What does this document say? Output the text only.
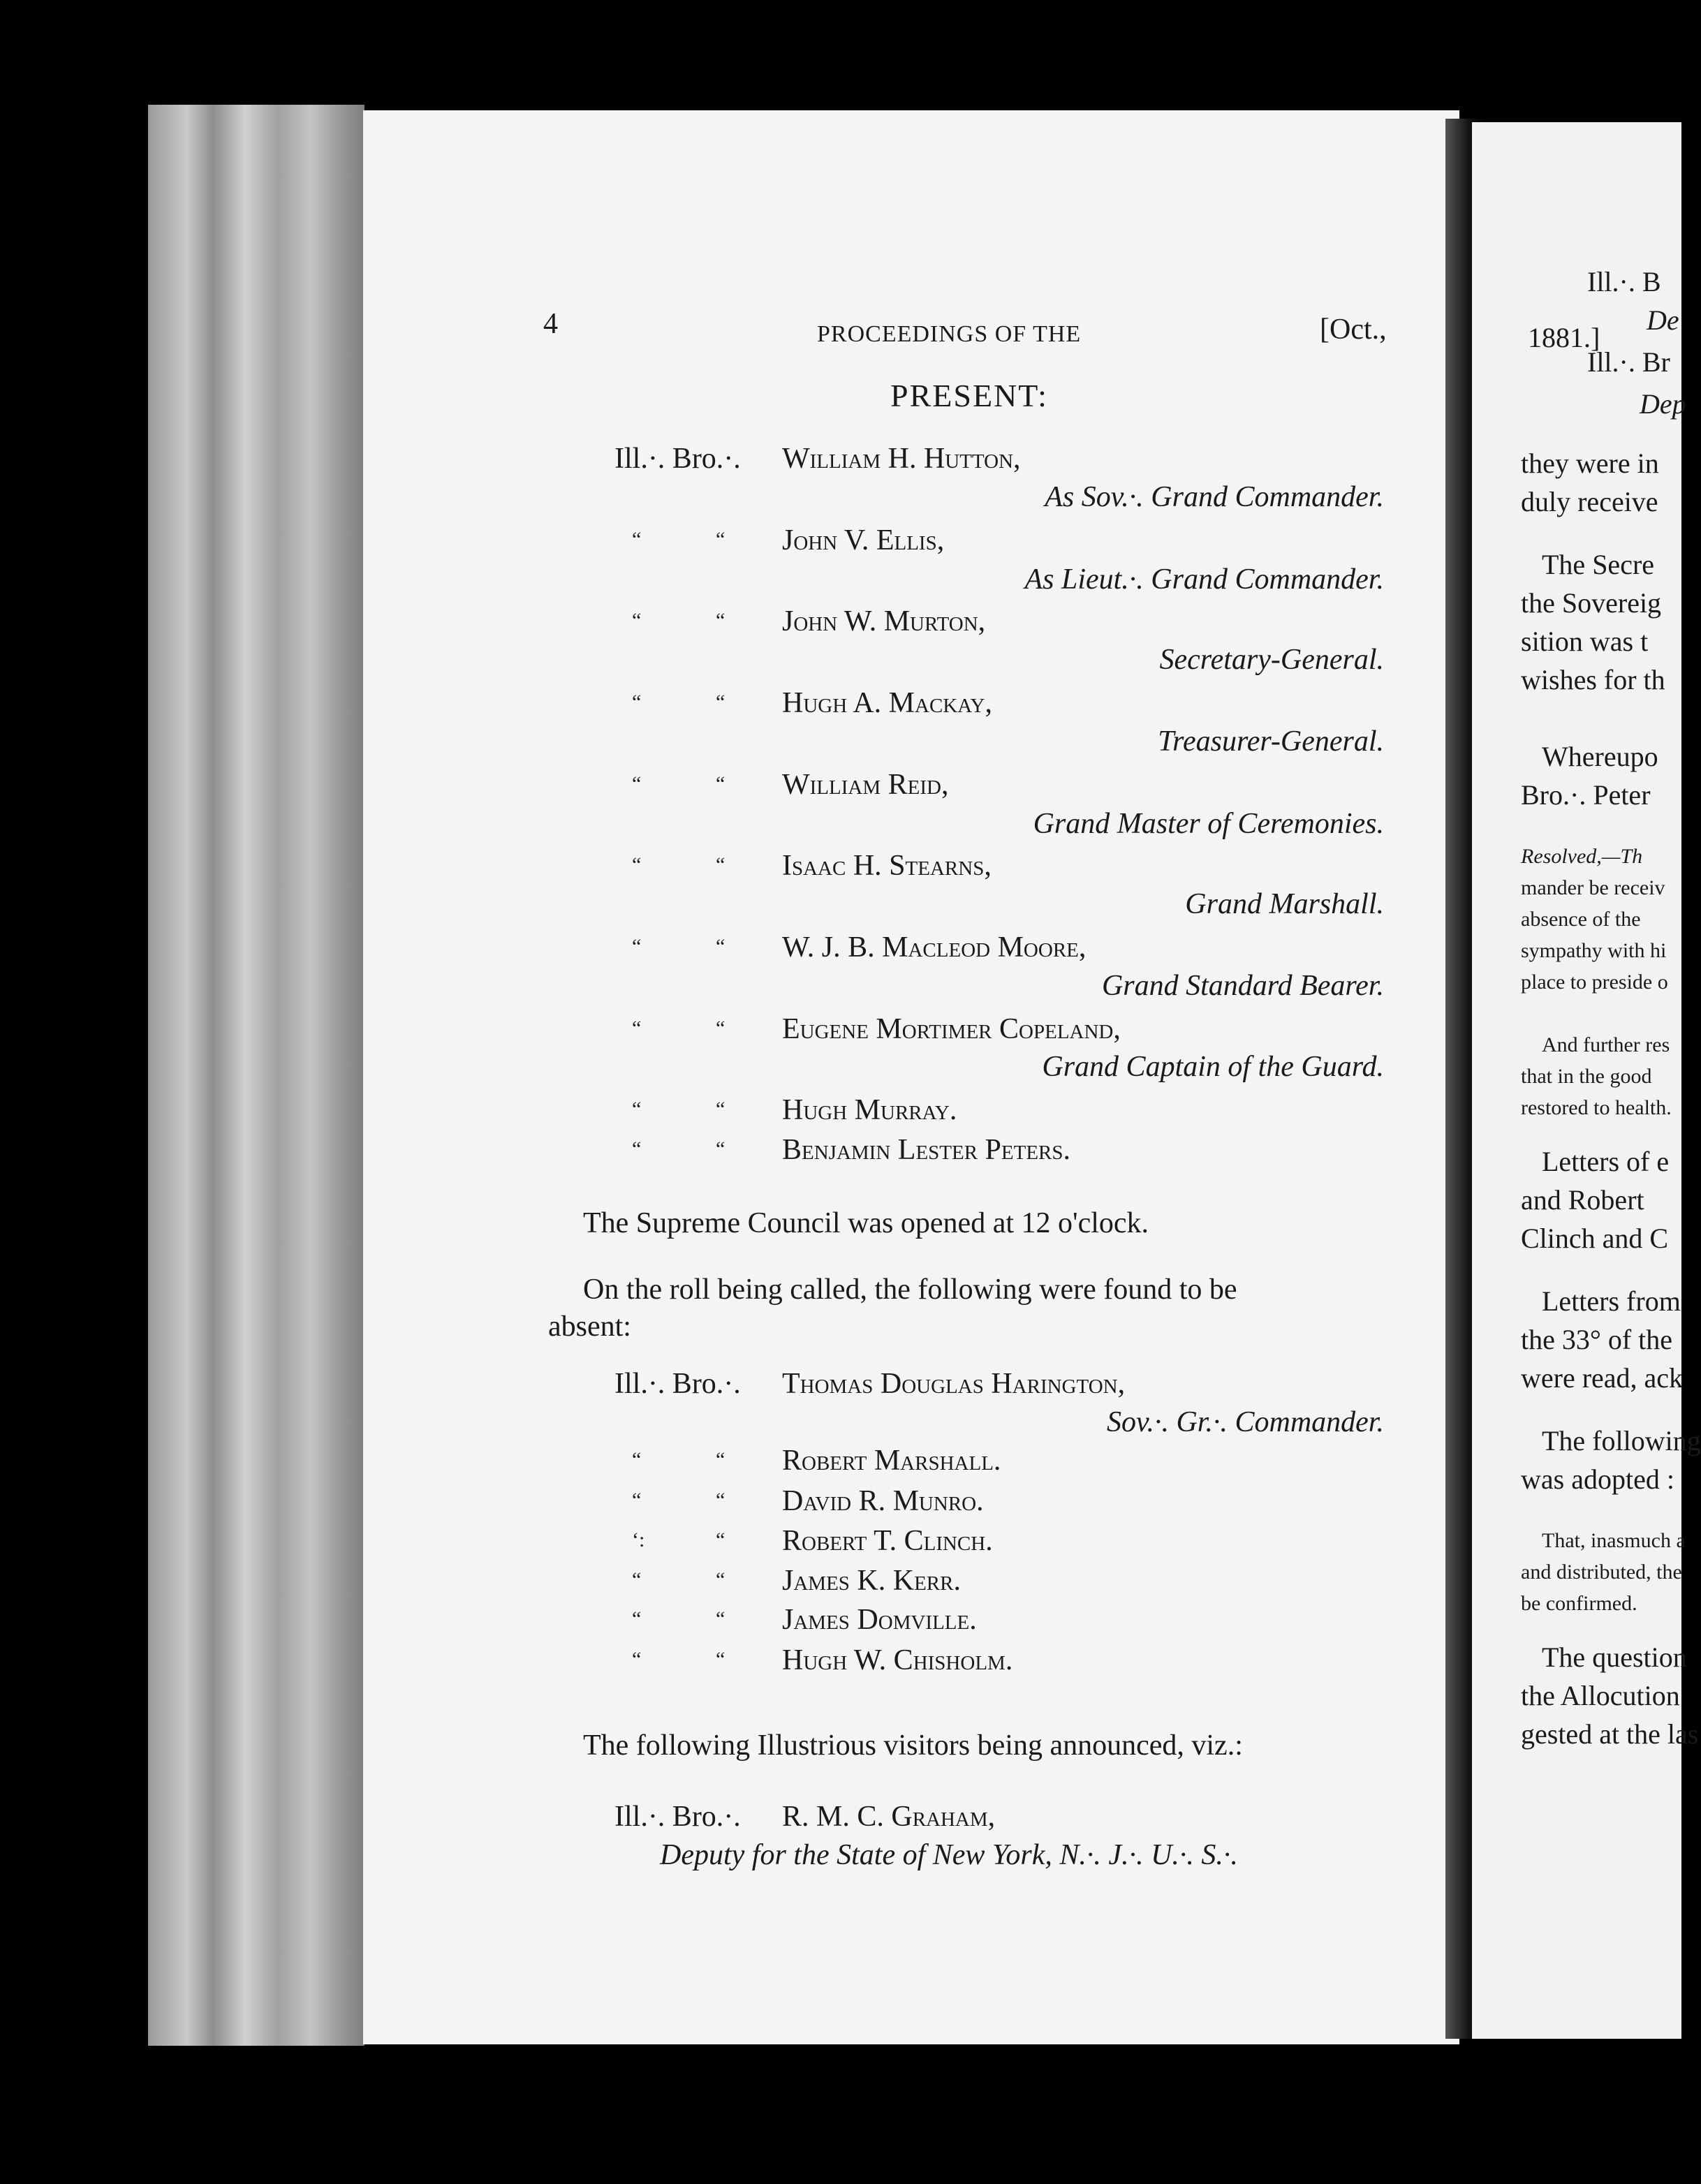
4	PROCEEDINGS OF THE	[Oct.,
PRESENT:
Ill.·. Bro.·. William H. Hutton,
As Sov.·. Grand Commander.
“	“ John V. Ellis,
As Lieut.·. Grand Commander.
“	“ John W. Murton,
Secretary-General.
“	“ Hugh A. Mackay,
Treasurer-General.
“	“ William Reid,
Grand Master of Ceremonies.
“	“ Isaac H. Stearns,
Grand Marshall.
“	“ W. J. B. Macleod Moore,
Grand Standard Bearer.
“	“ Eugene Mortimer Copeland,
Grand Captain of the Guard.
“	“ Hugh Murray.
“	“ Benjamin Lester Peters.
The Supreme Council was opened at 12 o'clock.
On the roll being called, the following were found to be
absent:
Ill.·. Bro.·. Thomas Douglas Harington,
Sov.·. Gr.·. Commander.
“	“ Robert Marshall.
“	“ David R. Munro.
‘:	“ Robert T. Clinch.
“	“ James K. Kerr.
“	“ James Domville.
“	“ Hugh W. Chisholm.
The following Illustrious visitors being announced, viz.:
Ill.·. Bro.·. R. M. C. Graham,
Deputy for the State of New York, N.·. J.·. U.·. S.·.
1881.]
Ill.·. B
De
Ill.·. Br
Dep
they were in
duly receive
The Secre
the Sovereig
sition was t
wishes for th
Whereupo
Bro.·. Peter
Resolved,—Th
mander be receiv
absence of the
sympathy with hi
place to preside o
And further res
that in the good
restored to health.
Letters of e
and Robert
Clinch and C
Letters from
the 33° of the
were read, ack
The following
was adopted :
That, inasmuch a
and distributed, the
be confirmed.
The question
the Allocution
gested at the las
